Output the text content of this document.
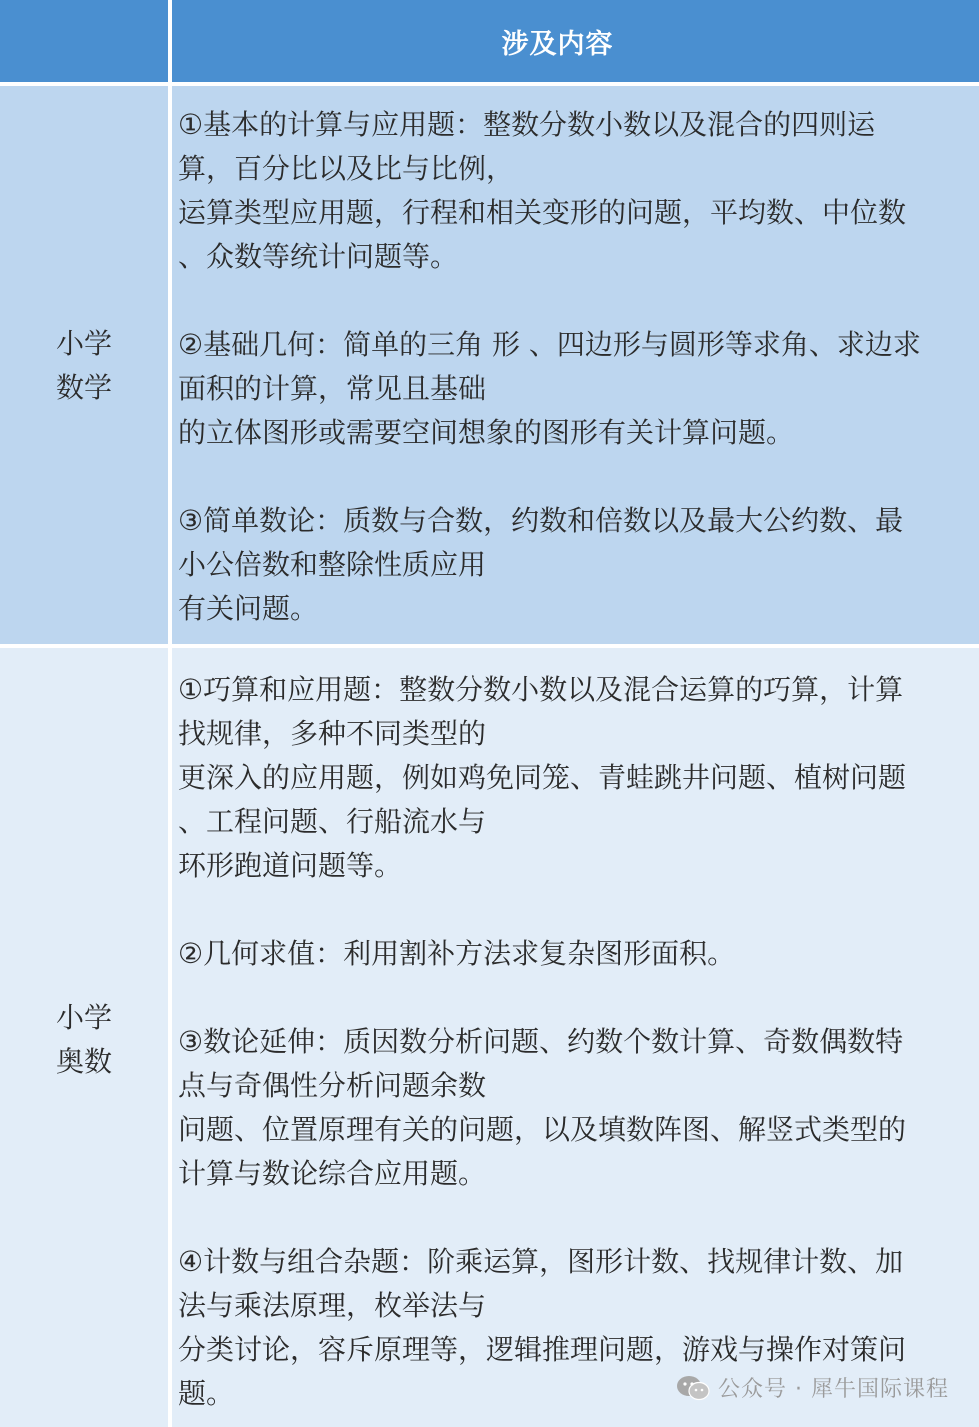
涉及内容
小学
数学
①基本的计算与应用题：整数分数小数以及混合的四则运
算，百分比以及比与比例，
运算类型应用题，行程和相关变形的问题，平均数、中位数
、众数等统计问题等。
②基础几何：简单的三角 形 、四边形与圆形等求角、求边求
面积的计算，常见且基础
的立体图形或需要空间想象的图形有关计算问题。
③简单数论：质数与合数，约数和倍数以及最大公约数、最
小公倍数和整除性质应用
有关问题。
小学
奥数
①巧算和应用题：整数分数小数以及混合运算的巧算，计算
找规律，多种不同类型的
更深入的应用题，例如鸡免同笼、青蛙跳井问题、植树问题
、工程问题、行船流水与
环形跑道问题等。
②几何求值：利用割补方法求复杂图形面积。
③数论延伸：质因数分析问题、约数个数计算、奇数偶数特
点与奇偶性分析问题余数
问题、位置原理有关的问题，以及填数阵图、解竖式类型的
计算与数论综合应用题。
④计数与组合杂题：阶乘运算，图形计数、找规律计数、加
法与乘法原理，枚举法与
分类讨论，容斥原理等，逻辑推理问题，游戏与操作对策问
题。	公众号 · 犀牛国际课程
